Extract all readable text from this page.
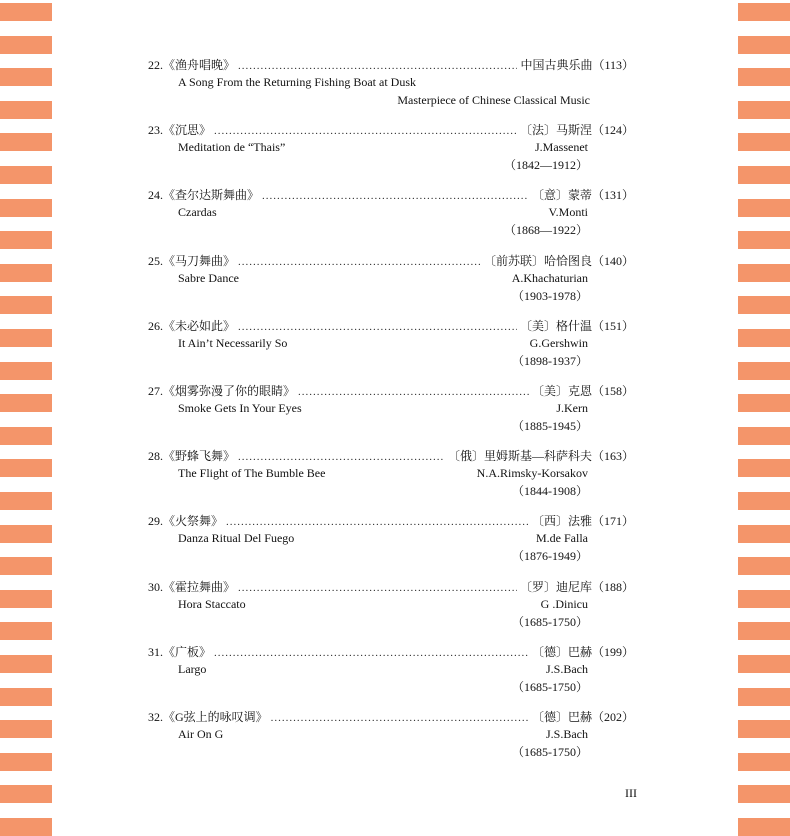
22. 《渔舟唱晚》 .....	中国古典乐曲（113）
A Song From the Returning Fishing Boat at Dusk
Masterpiece of Chinese Classical Music
23. 《沉思》 .....	〔法〕马斯涅（124）
Meditation de “Thais”	J.Massenet
（1842—1912）
24. 《查尔达斯舞曲》 .....	〔意〕蒙蒂（131）
Czardas	V.Monti
（1868—1922）
25. 《马刀舞曲》 .....	〔前苏联〕哈恰图良（140）
Sabre Dance	A.Khachaturian
（1903-1978）
26. 《未必如此》 .....	〔美〕格什温（151）
It Ain’t Necessarily So	G.Gershwin
（1898-1937）
27. 《烟雾弥漫了你的眼睛》 .....	〔美〕克恩（158）
Smoke Gets In Your Eyes	J.Kern
（1885-1945）
28. 《野蜂飞舞》 .....	〔俄〕里姆斯基—科萨科夫（163）
The Flight of The Bumble Bee	N.A.Rimsky-Korsakov
（1844-1908）
29. 《火祭舞》 .....	〔西〕法雅（171）
Danza Ritual Del Fuego	M.de Falla
（1876-1949）
30. 《霍拉舞曲》 .....	〔罗〕迪尼库（188）
Hora Staccato	G .Dinicu
（1685-1750）
31. 《广板》 .....	〔德〕巴赫（199）
Largo	J.S.Bach
（1685-1750）
32. 《G弦上的咏叹调》 .....	〔德〕巴赫（202）
Air On G	J.S.Bach
（1685-1750）
III
